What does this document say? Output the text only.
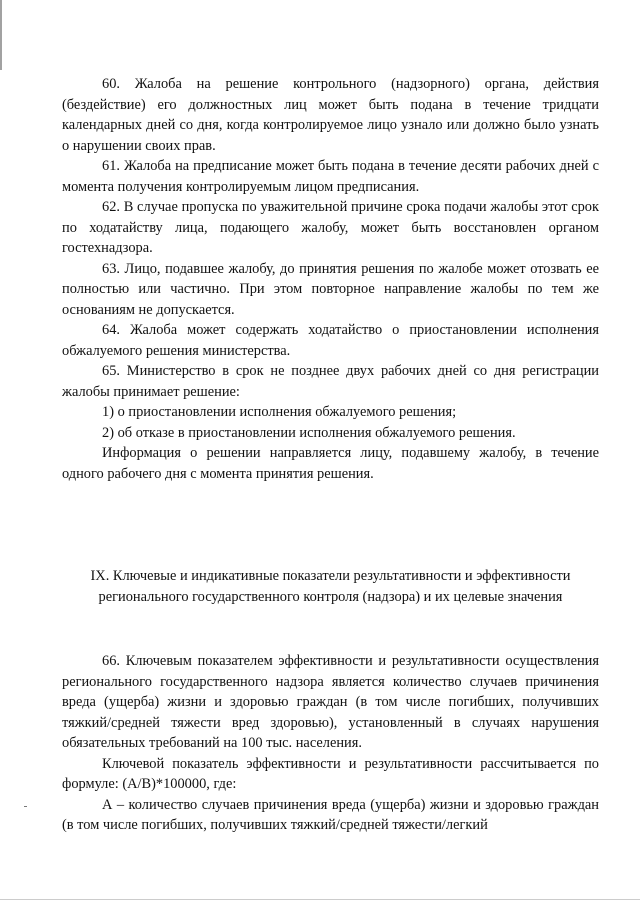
60. Жалоба на решение контрольного (надзорного) органа, действия (бездействие) его должностных лиц может быть подана в течение тридцати календарных дней со дня, когда контролируемое лицо узнало или должно было узнать о нарушении своих прав.

61. Жалоба на предписание может быть подана в течение десяти рабочих дней с момента получения контролируемым лицом предписания.

62. В случае пропуска по уважительной причине срока подачи жалобы этот срок по ходатайству лица, подающего жалобу, может быть восстановлен органом гостехнадзора.

63. Лицо, подавшее жалобу, до принятия решения по жалобе может отозвать ее полностью или частично. При этом повторное направление жалобы по тем же основаниям не допускается.

64. Жалоба может содержать ходатайство о приостановлении исполнения обжалуемого решения министерства.

65. Министерство в срок не позднее двух рабочих дней со дня регистрации жалобы принимает решение:

1) о приостановлении исполнения обжалуемого решения;

2) об отказе в приостановлении исполнения обжалуемого решения.

Информация о решении направляется лицу, подавшему жалобу, в течение одного рабочего дня с момента принятия решения.

IX. Ключевые и индикативные показатели результативности и эффективности регионального государственного контроля (надзора) и их целевые значения

66. Ключевым показателем эффективности и результативности осуществления регионального государственного надзора является количество случаев причинения вреда (ущерба) жизни и здоровью граждан (в том числе погибших, получивших тяжкий/средней тяжести вред здоровью), установленный в случаях нарушения обязательных требований на 100 тыс. населения.

Ключевой показатель эффективности и результативности рассчитывается по формуле: (А/В)*100000, где:

А – количество случаев причинения вреда (ущерба) жизни и здоровью граждан (в том числе погибших, получивших тяжкий/средней тяжести/легкий
